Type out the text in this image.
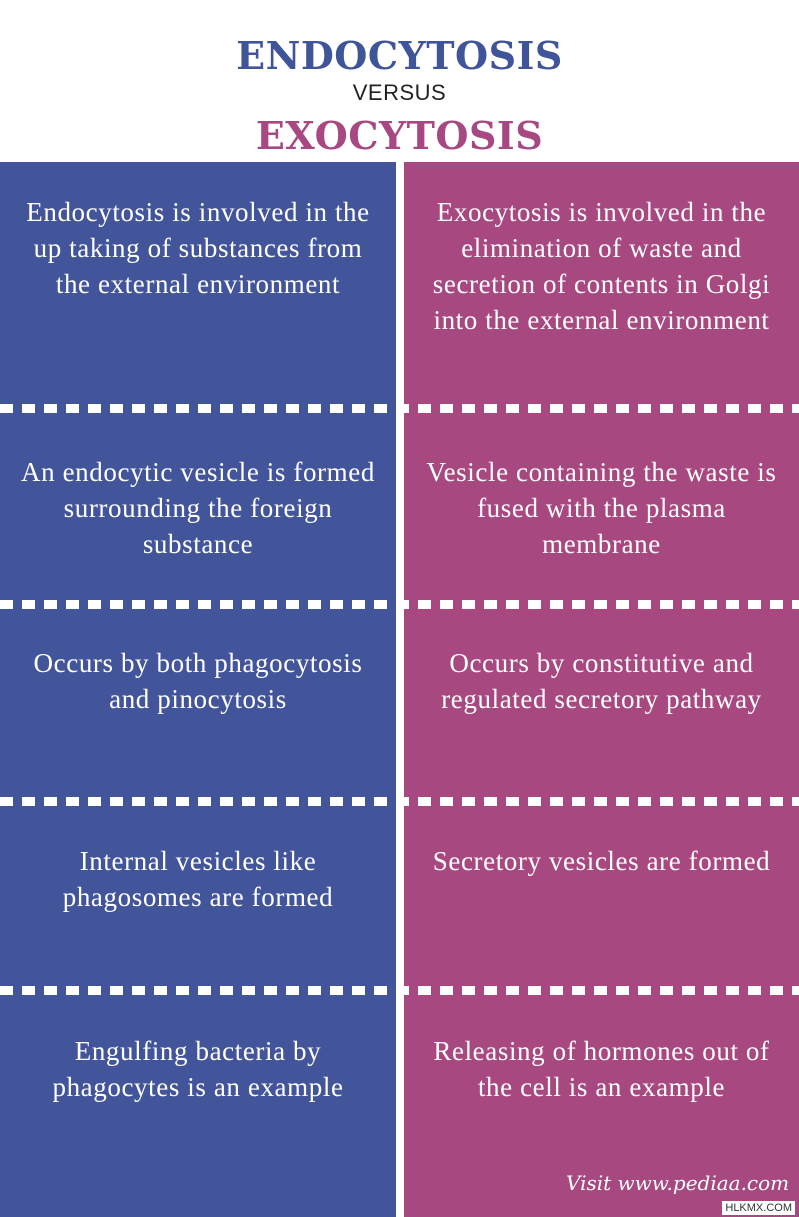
ENDOCYTOSIS
VERSUS
EXOCYTOSIS
Endocytosis is involved in the up taking of substances from the external environment
An endocytic vesicle is formed surrounding the foreign substance
Occurs by both phagocytosis and pinocytosis
Internal vesicles like phagosomes are formed
Engulfing bacteria by phagocytes is an example
Exocytosis is involved in the elimination of waste and secretion of contents in Golgi into the external environment
Vesicle containing the waste is fused with the plasma membrane
Occurs by constitutive and regulated secretory pathway
Secretory vesicles are formed
Releasing of hormones out of the cell is an example
Visit www.pediaa.com
HLKMX.COM
